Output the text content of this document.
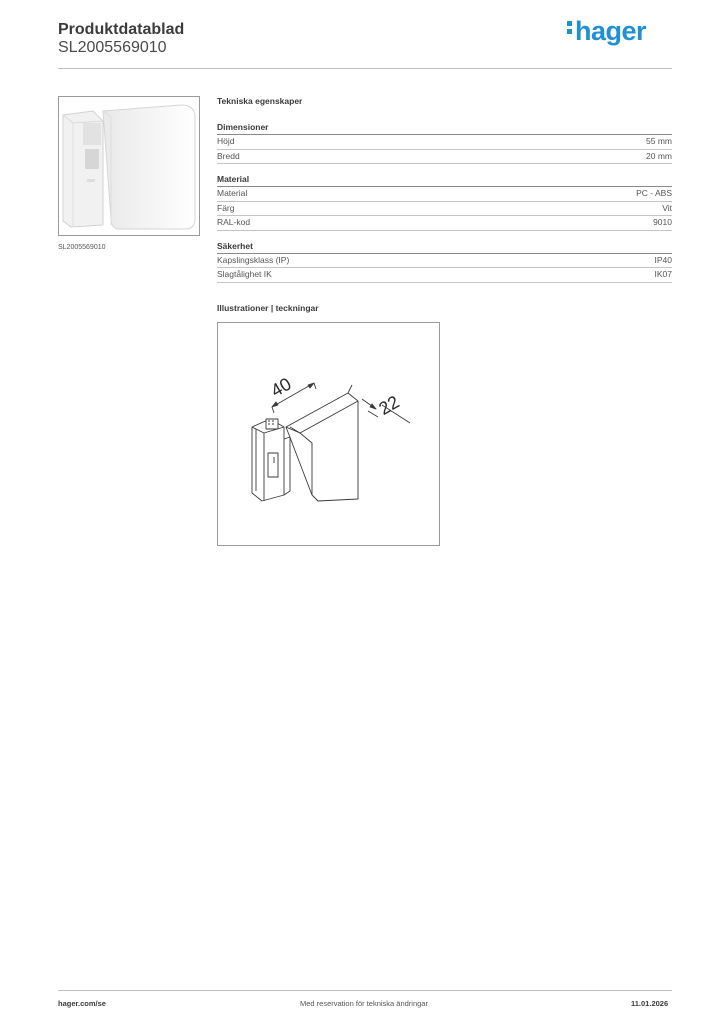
Produktdatablad
SL2005569010
hager
SL2005569010
Tekniska egenskaper
Dimensioner
Höjd	55 mm
Bredd	20 mm
Material
Material	PC - ABS
Färg	Vit
RAL-kod	9010
Säkerhet
Kapslingsklass (IP)	IP40
Slagtålighet IK	IK07
Illustrationer | teckningar
40
22
hager.com/se	Med reservation för tekniska ändringar	11.01.2026
